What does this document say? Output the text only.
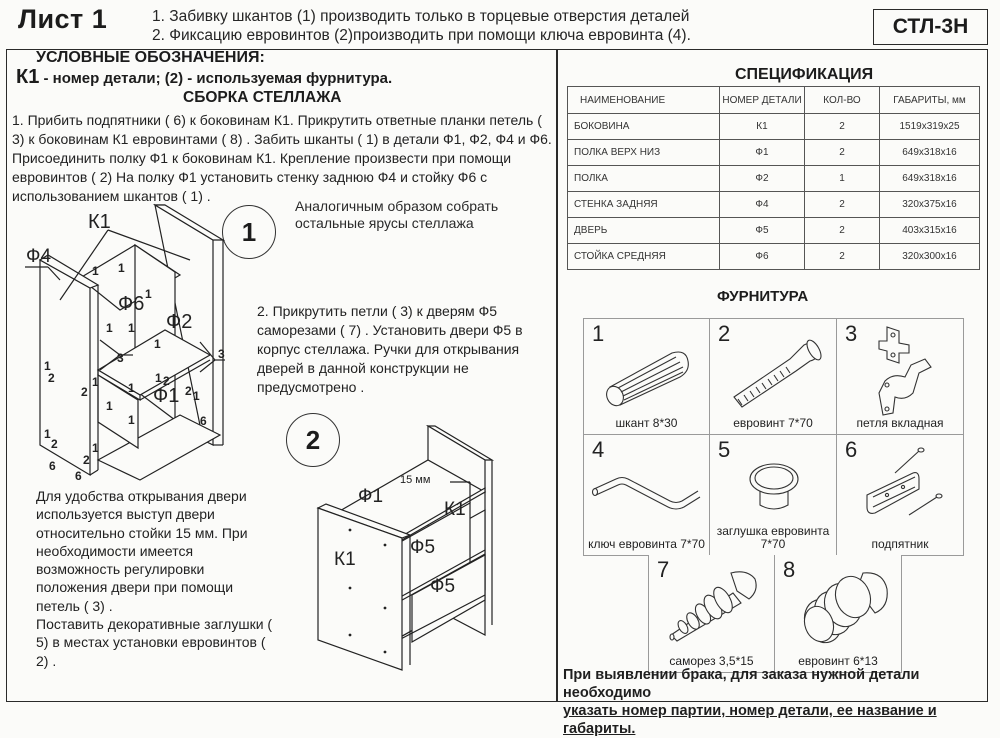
Лист 1	1. Забивку шкантов (1) производить только в торцевые отверстия деталей
2. Фиксацию евровинтов (2)производить при помощи ключа евровинта (4).	СТЛ-3Н
УСЛОВНЫЕ ОБОЗНАЧЕНИЯ:
К1 - номер детали; (2) - используемая фурнитура.
СБОРКА СТЕЛЛАЖА
1. Прибить подпятники ( 6) к боковинам К1. Прикрутить ответные планки петель ( 3) к боковинам К1 евровинтами ( 8) . Забить шканты ( 1) в детали Ф1, Ф2, Ф4 и Ф6. Присоединить полку Ф1 к боковинам К1. Крепление произвести при помощи евровинтов ( 2) На полку Ф1 установить стенку заднюю Ф4 и стойку Ф6 с использованием шкантов ( 1) .
1
Аналогичным образом собрать остальные ярусы стеллажа
К1
Ф4
Ф6
Ф2
Ф1
1 1
1
1 1
1
3	3
1
2	1
2	1
1
1
1 2
2 1
6
1
2	1
2
6
6
2. Прикрутить петли ( 3) к дверям Ф5 саморезами ( 7) . Установить двери Ф5 в корпус стеллажа. Ручки для открывания дверей в данной конструкции не предусмотрено .
2
Ф1
15 мм
К1
К1
Ф5
Ф5
Для удобства открывания двери используется выступ двери относительно стойки 15 мм. При необходимости имеется возможность регулировки положения двери при помощи петель ( 3) .
Поставить декоративные заглушки ( 5) в местах установки евровинтов ( 2) .
СПЕЦИФИКАЦИЯ
НАИМЕНОВАНИЕ	НОМЕР ДЕТАЛИ	КОЛ-ВО	ГАБАРИТЫ, мм
БОКОВИНА	К1	2	1519x319x25
ПОЛКА ВЕРХ НИЗ	Ф1	2	649x318x16
ПОЛКА	Ф2	1	649x318x16
СТЕНКА ЗАДНЯЯ	Ф4	2	320x375x16
ДВЕРЬ	Ф5	2	403x315x16
СТОЙКА СРЕДНЯЯ	Ф6	2	320x300x16
ФУРНИТУРА
1
шкант 8*30
2
евровинт 7*70
3
петля вкладная
4
ключ евровинта 7*70
5
заглушка евровинта 7*70
6
подпятник
7
саморез 3,5*15
8
евровинт 6*13
При выявлении брака, для заказа нужной детали необходимо
указать номер партии, номер детали, ее название и габариты.
